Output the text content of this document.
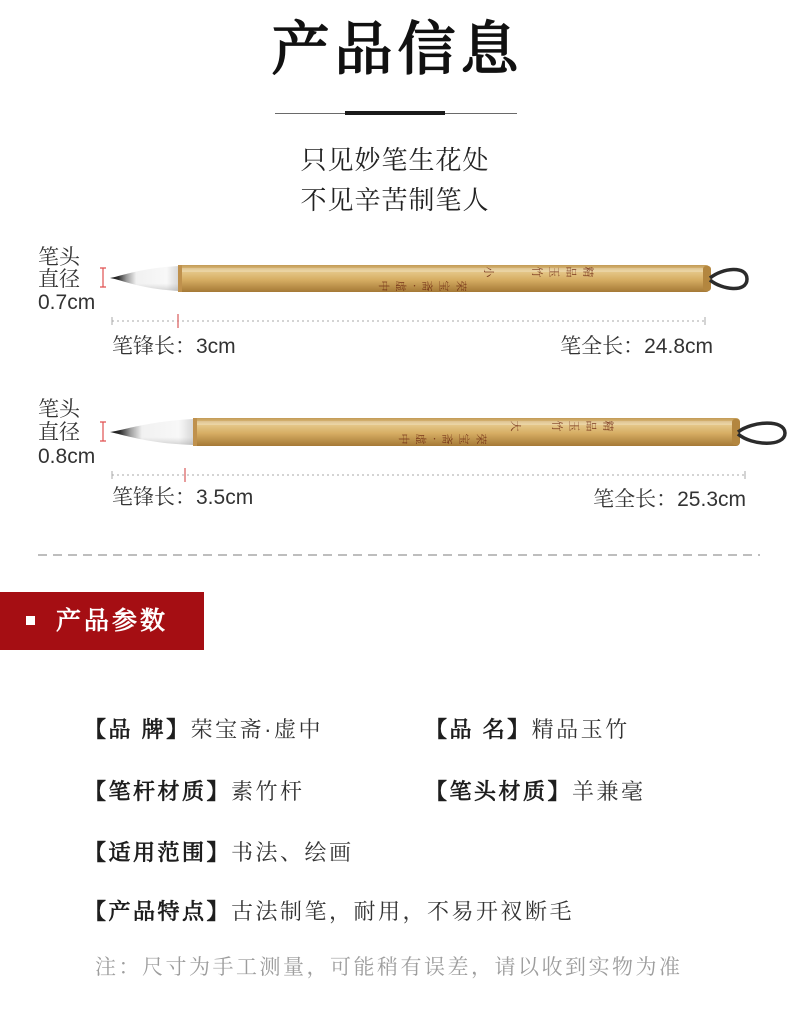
产品信息
只见妙笔生花处
不见辛苦制笔人
精品玉竹
小
荣宝斋·虚中
精品玉竹
大
荣宝斋·虚中
笔头
直径
0.7cm
笔锋长：3cm	笔全长：24.8cm
笔头
直径
0.8cm
笔锋长：3.5cm	笔全长：25.3cm
产品参数
【品 牌】荣宝斋·虚中	【品 名】精品玉竹
【笔杆材质】素竹杆	【笔头材质】羊兼毫
【适用范围】书法、绘画
【产品特点】古法制笔，耐用，不易开衩断毛
注：尺寸为手工测量，可能稍有误差，请以收到实物为准
